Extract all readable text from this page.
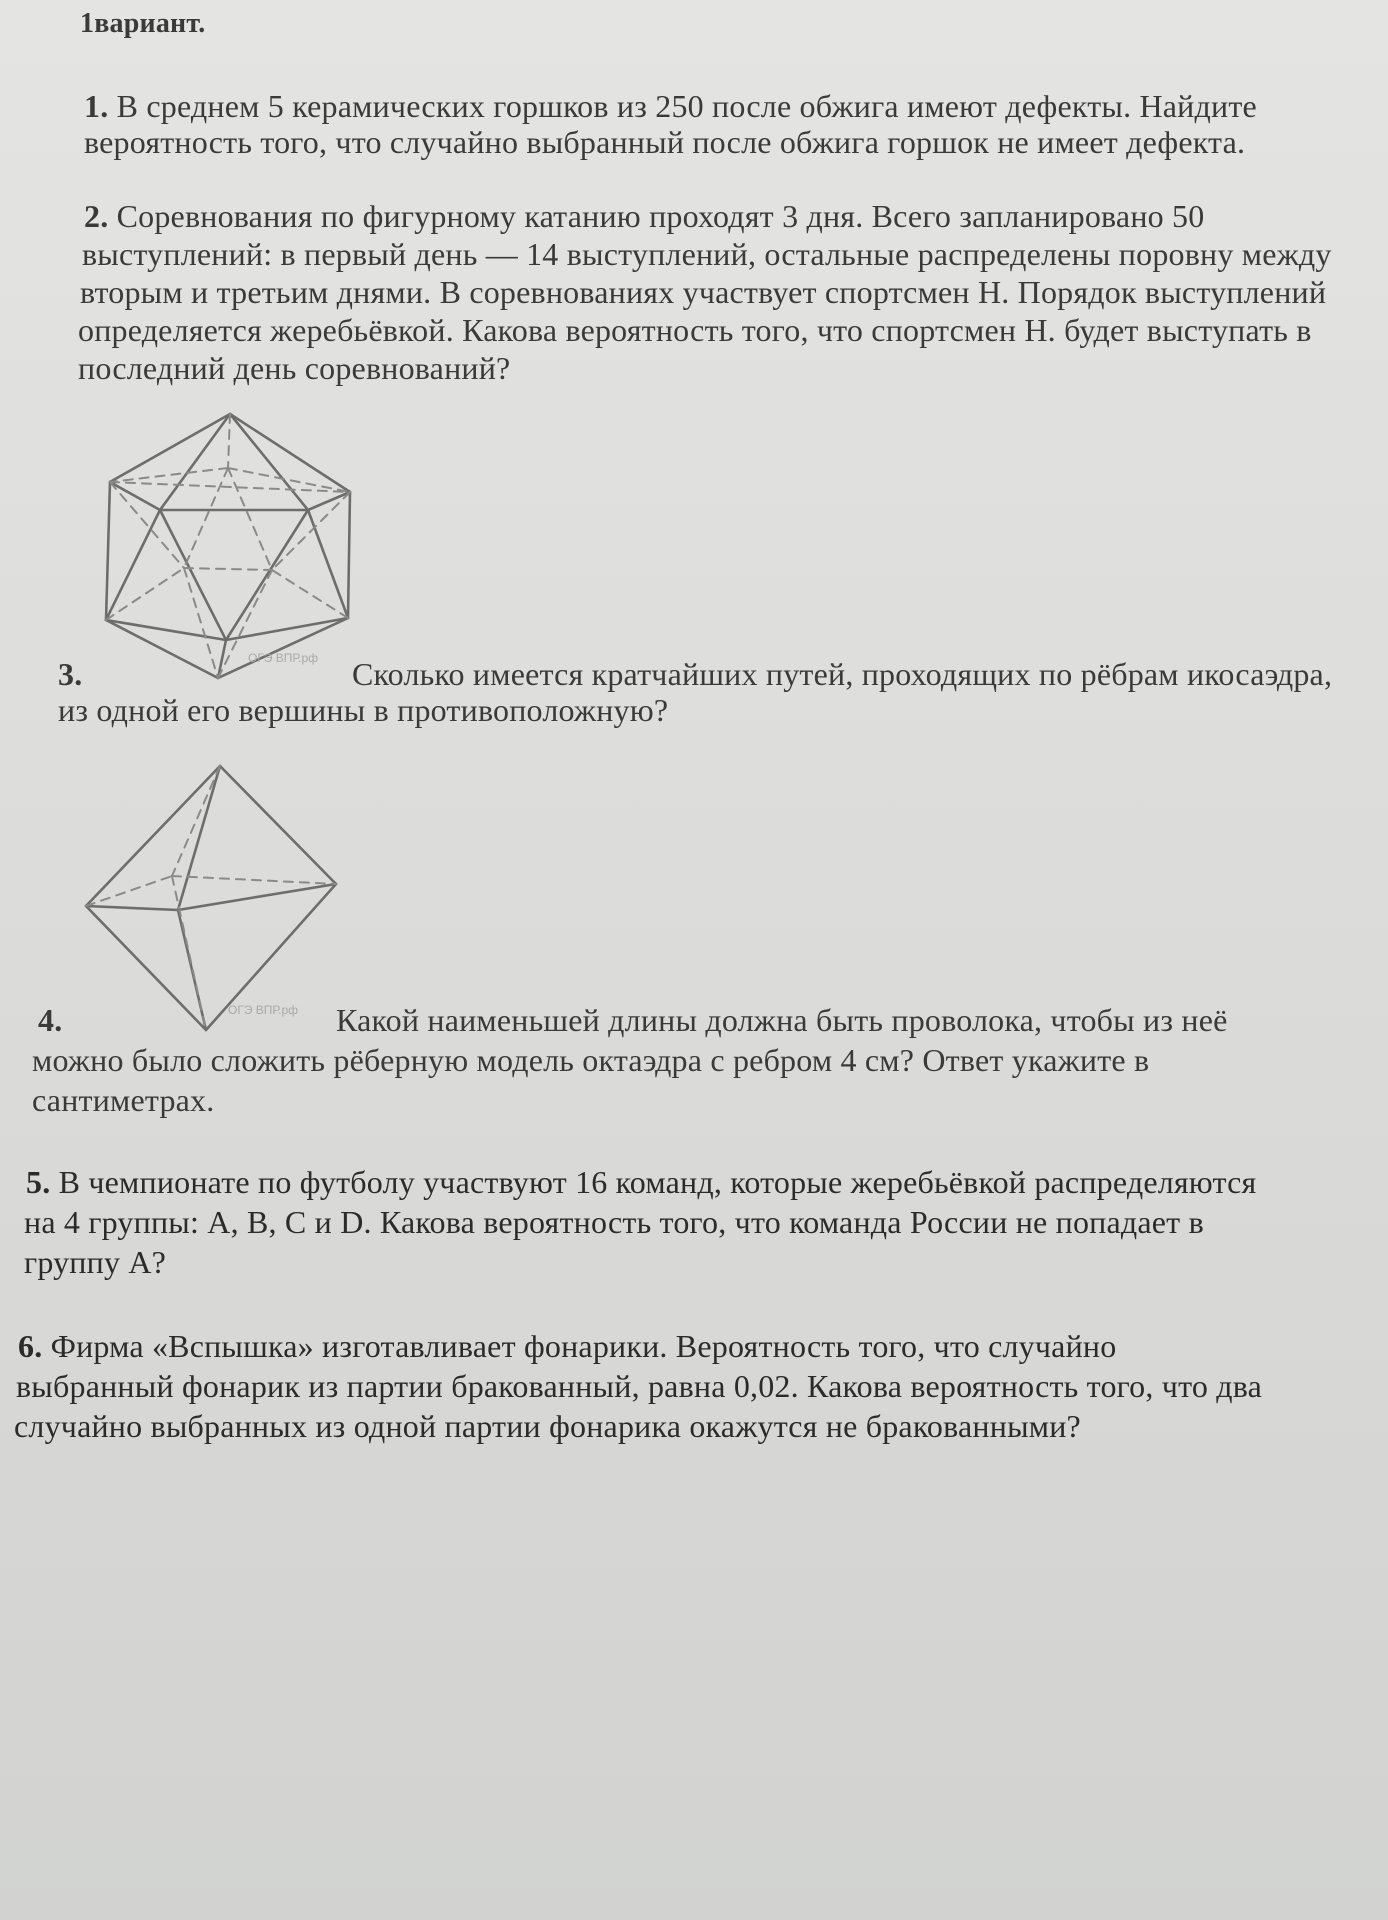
1вариант.
1. В среднем 5 керамических горшков из 250 после обжига имеют дефекты. Найдите
вероятность того, что случайно выбранный после обжига горшок не имеет дефекта.
2. Соревнования по фигурному катанию проходят 3 дня. Всего запланировано 50
выступлений: в первый день — 14 выступлений, остальные распределены поровну между
вторым и третьим днями. В соревнованиях участвует спортсмен Н. Порядок выступлений
определяется жеребьёвкой. Какова вероятность того, что спортсмен Н. будет выступать в
последний день соревнований?
ОГЭ ВПР.рф
3.	Сколько имеется кратчайших путей, проходящих по рёбрам икосаэдра,
из одной его вершины в противоположную?
ОГЭ ВПР.рф
4.	Какой наименьшей длины должна быть проволока, чтобы из неё
можно было сложить рёберную модель октаэдра с ребром 4 см? Ответ укажите в
сантиметрах.
5. В чемпионате по футболу участвуют 16 команд, которые жеребьёвкой распределяются
на 4 группы: A, B, C и D. Какова вероятность того, что команда России не попадает в
группу A?
6. Фирма «Вспышка» изготавливает фонарики. Вероятность того, что случайно
выбранный фонарик из партии бракованный, равна 0,02. Какова вероятность того, что два
случайно выбранных из одной партии фонарика окажутся не бракованными?
